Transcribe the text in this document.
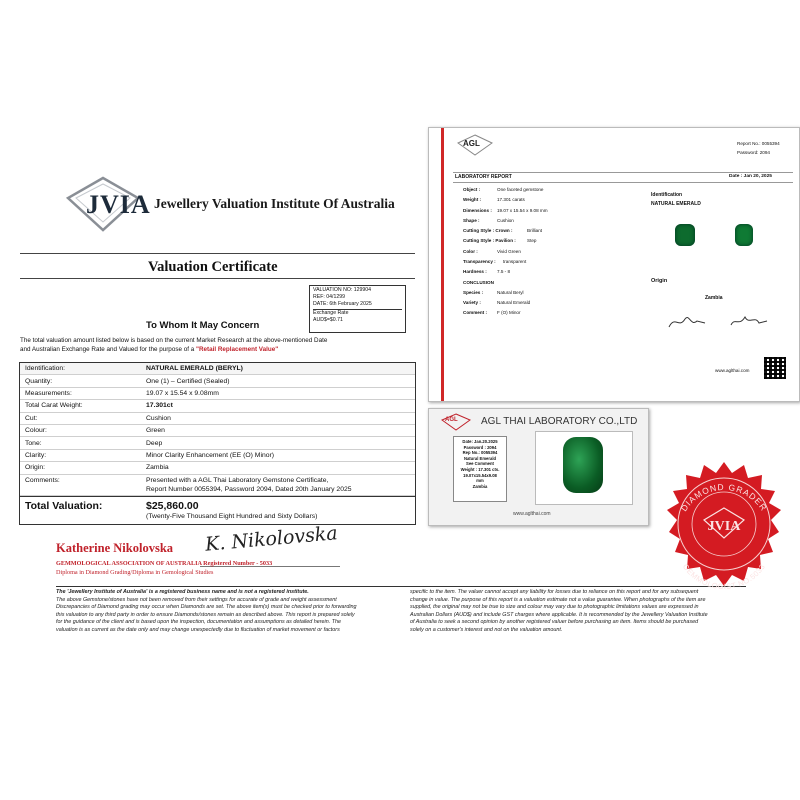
JVIA Jewellery Valuation Institute Of Australia
Valuation Certificate
VALUATION NO: 129904
REF: 04/1299
DATE: 6th February 2025
Exchange Rate
AUD$=$0.71
To Whom It May Concern
The total valuation amount listed below is based on the current Market Research at the above-mentioned Date
and Australian Exchange Rate and Valued for the purpose of a "Retail Replacement Value"
Identification:	NATURAL EMERALD (BERYL)
Quantity:	One (1) – Certified (Sealed)
Measurements:	19.07 x 15.54 x 9.08mm
Total Carat Weight:	17.301ct
Cut:	Cushion
Colour:	Green
Tone:	Deep
Clarity:	Minor Clarity Enhancement (EE (O) Minor)
Origin:	Zambia
Comments:	Presented with a AGL Thai Laboratory Gemstone Certificate,
Report Number 0055394, Password 2094, Dated 20th January 2025
Total Valuation:	$25,860.00
(Twenty-Five Thousand Eight Hundred and Sixty Dollars)
Katherine Nikolovska K. Nikolovska
GEMMOLOGICAL ASSOCIATION OF AUSTRALIA Registered Number - 5033
Diploma in Diamond Grading/Diploma in Gemological Studies
The 'Jewellery Institute of Australia' is a registered business name and is not a registered institute.
The above Gemstone/stones have not been removed from their settings for accurate of grade and weight assessment
Discrepancies of Diamond grading may occur when Diamonds are set. The above item(s) must be checked prior to forwarding
this valuation to any third party in order to ensure Diamonds/stones remain as described above. This report is prepared solely
for the guidance of the client and is based upon the inspection, documentation and assumptions as detailed herein. The
valuation is as current as the date only and may change unexpectedly due to fluctuation of market movement or factors
specific to the item. The valuer cannot accept any liability for losses due to reliance on this report and for any subsequent
change in value. The purpose of this report is a valuation estimate not a value guarantee. When photographs of the item are
supplied, the original may not be true to size and colour may vary due to photographic limitations values are expressed in
Australian Dollars (AUD$) and include GST charges where applicable. It is recommended by the Jewellery Valuation Institute
of Australia to seek a second opinion by another registered valuer before purchasing an item. Items should be purchased
solely on a customer's interest and not on the valuation amount.
AGL	Report No.: 0055394
Password: 2094
LABORATORY REPORT	Date : Jan 20, 2025
Object :	One faceted gemstone
Weight :	17.301 carats
Dimensions :	19.07 x 15.54 x 9.08 mm
Shape :	Cushion
Cutting Style : Crown :	Brilliant
Cutting Style : Pavilion :	Step
Color :	Vivid Green
Transparency :	transparent
Hardness :	7.5 - 8
CONCLUSION
Species :	Natural Beryl
Variety :	Natural Emerald
Comment :	F (O) Minor
Identification
NATURAL EMERALD
Origin
Zambia
www.aglthai.com
AGL AGL THAI LABORATORY CO.,LTD
Date: Jan.20.2025
Password : 2094
Rep No.: 0055394
Natural Emerald
See Comment
Weight : 17.301 cts.
19.07x15.54x9.08
mm
Zambia
www.aglthai.com
DIAMOND GRADER
JVIA
GEMMOLOGIST NO.5033
